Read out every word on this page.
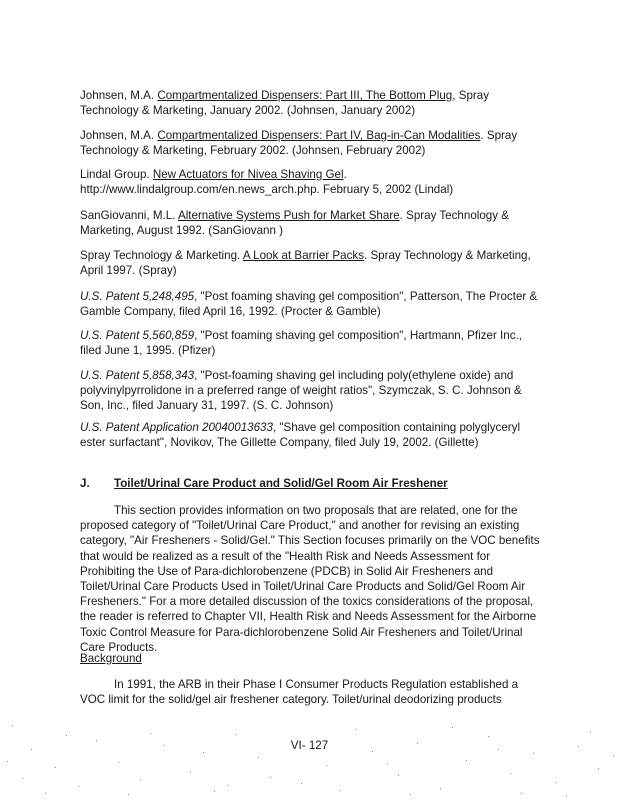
Johnsen, M.A. Compartmentalized Dispensers: Part III, The Bottom Plug, Spray Technology & Marketing, January 2002. (Johnsen, January 2002)

Johnsen, M.A. Compartmentalized Dispensers: Part IV, Bag-in-Can Modalities. Spray Technology & Marketing, February 2002. (Johnsen, February 2002)

Lindal Group. New Actuators for Nivea Shaving Gel. http://www.lindalgroup.com/en.news_arch.php. February 5, 2002 (Lindal)

SanGiovanni, M.L. Alternative Systems Push for Market Share. Spray Technology & Marketing, August 1992. (SanGiovann )

Spray Technology & Marketing. A Look at Barrier Packs. Spray Technology & Marketing, April 1997. (Spray)

U.S. Patent 5,248,495, "Post foaming shaving gel composition", Patterson, The Procter & Gamble Company, filed April 16, 1992. (Procter & Gamble)

U.S. Patent 5,560,859, "Post foaming shaving gel composition", Hartmann, Pfizer Inc., filed June 1, 1995. (Pfizer)

U.S. Patent 5,858,343, "Post-foaming shaving gel including poly(ethylene oxide) and polyvinylpyrrolidone in a preferred range of weight ratios", Szymczak, S. C. Johnson & Son, Inc., filed January 31, 1997. (S. C. Johnson)

U.S. Patent Application 20040013633, "Shave gel composition containing polyglyceryl ester surfactant", Novikov, The Gillette Company, filed July 19, 2002. (Gillette)

J. Toilet/Urinal Care Product and Solid/Gel Room Air Freshener

This section provides information on two proposals that are related, one for the proposed category of "Toilet/Urinal Care Product," and another for revising an existing category, "Air Fresheners - Solid/Gel." This Section focuses primarily on the VOC benefits that would be realized as a result of the "Health Risk and Needs Assessment for Prohibiting the Use of Para-dichlorobenzene (PDCB) in Solid Air Fresheners and Toilet/Urinal Care Products Used in Toilet/Urinal Care Products and Solid/Gel Room Air Fresheners." For a more detailed discussion of the toxics considerations of the proposal, the reader is referred to Chapter VII, Health Risk and Needs Assessment for the Airborne Toxic Control Measure for Para-dichlorobenzene Solid Air Fresheners and Toilet/Urinal Care Products.

Background

In 1991, the ARB in their Phase I Consumer Products Regulation established a VOC limit for the solid/gel air freshener category. Toilet/urinal deodorizing products

VI- 127
